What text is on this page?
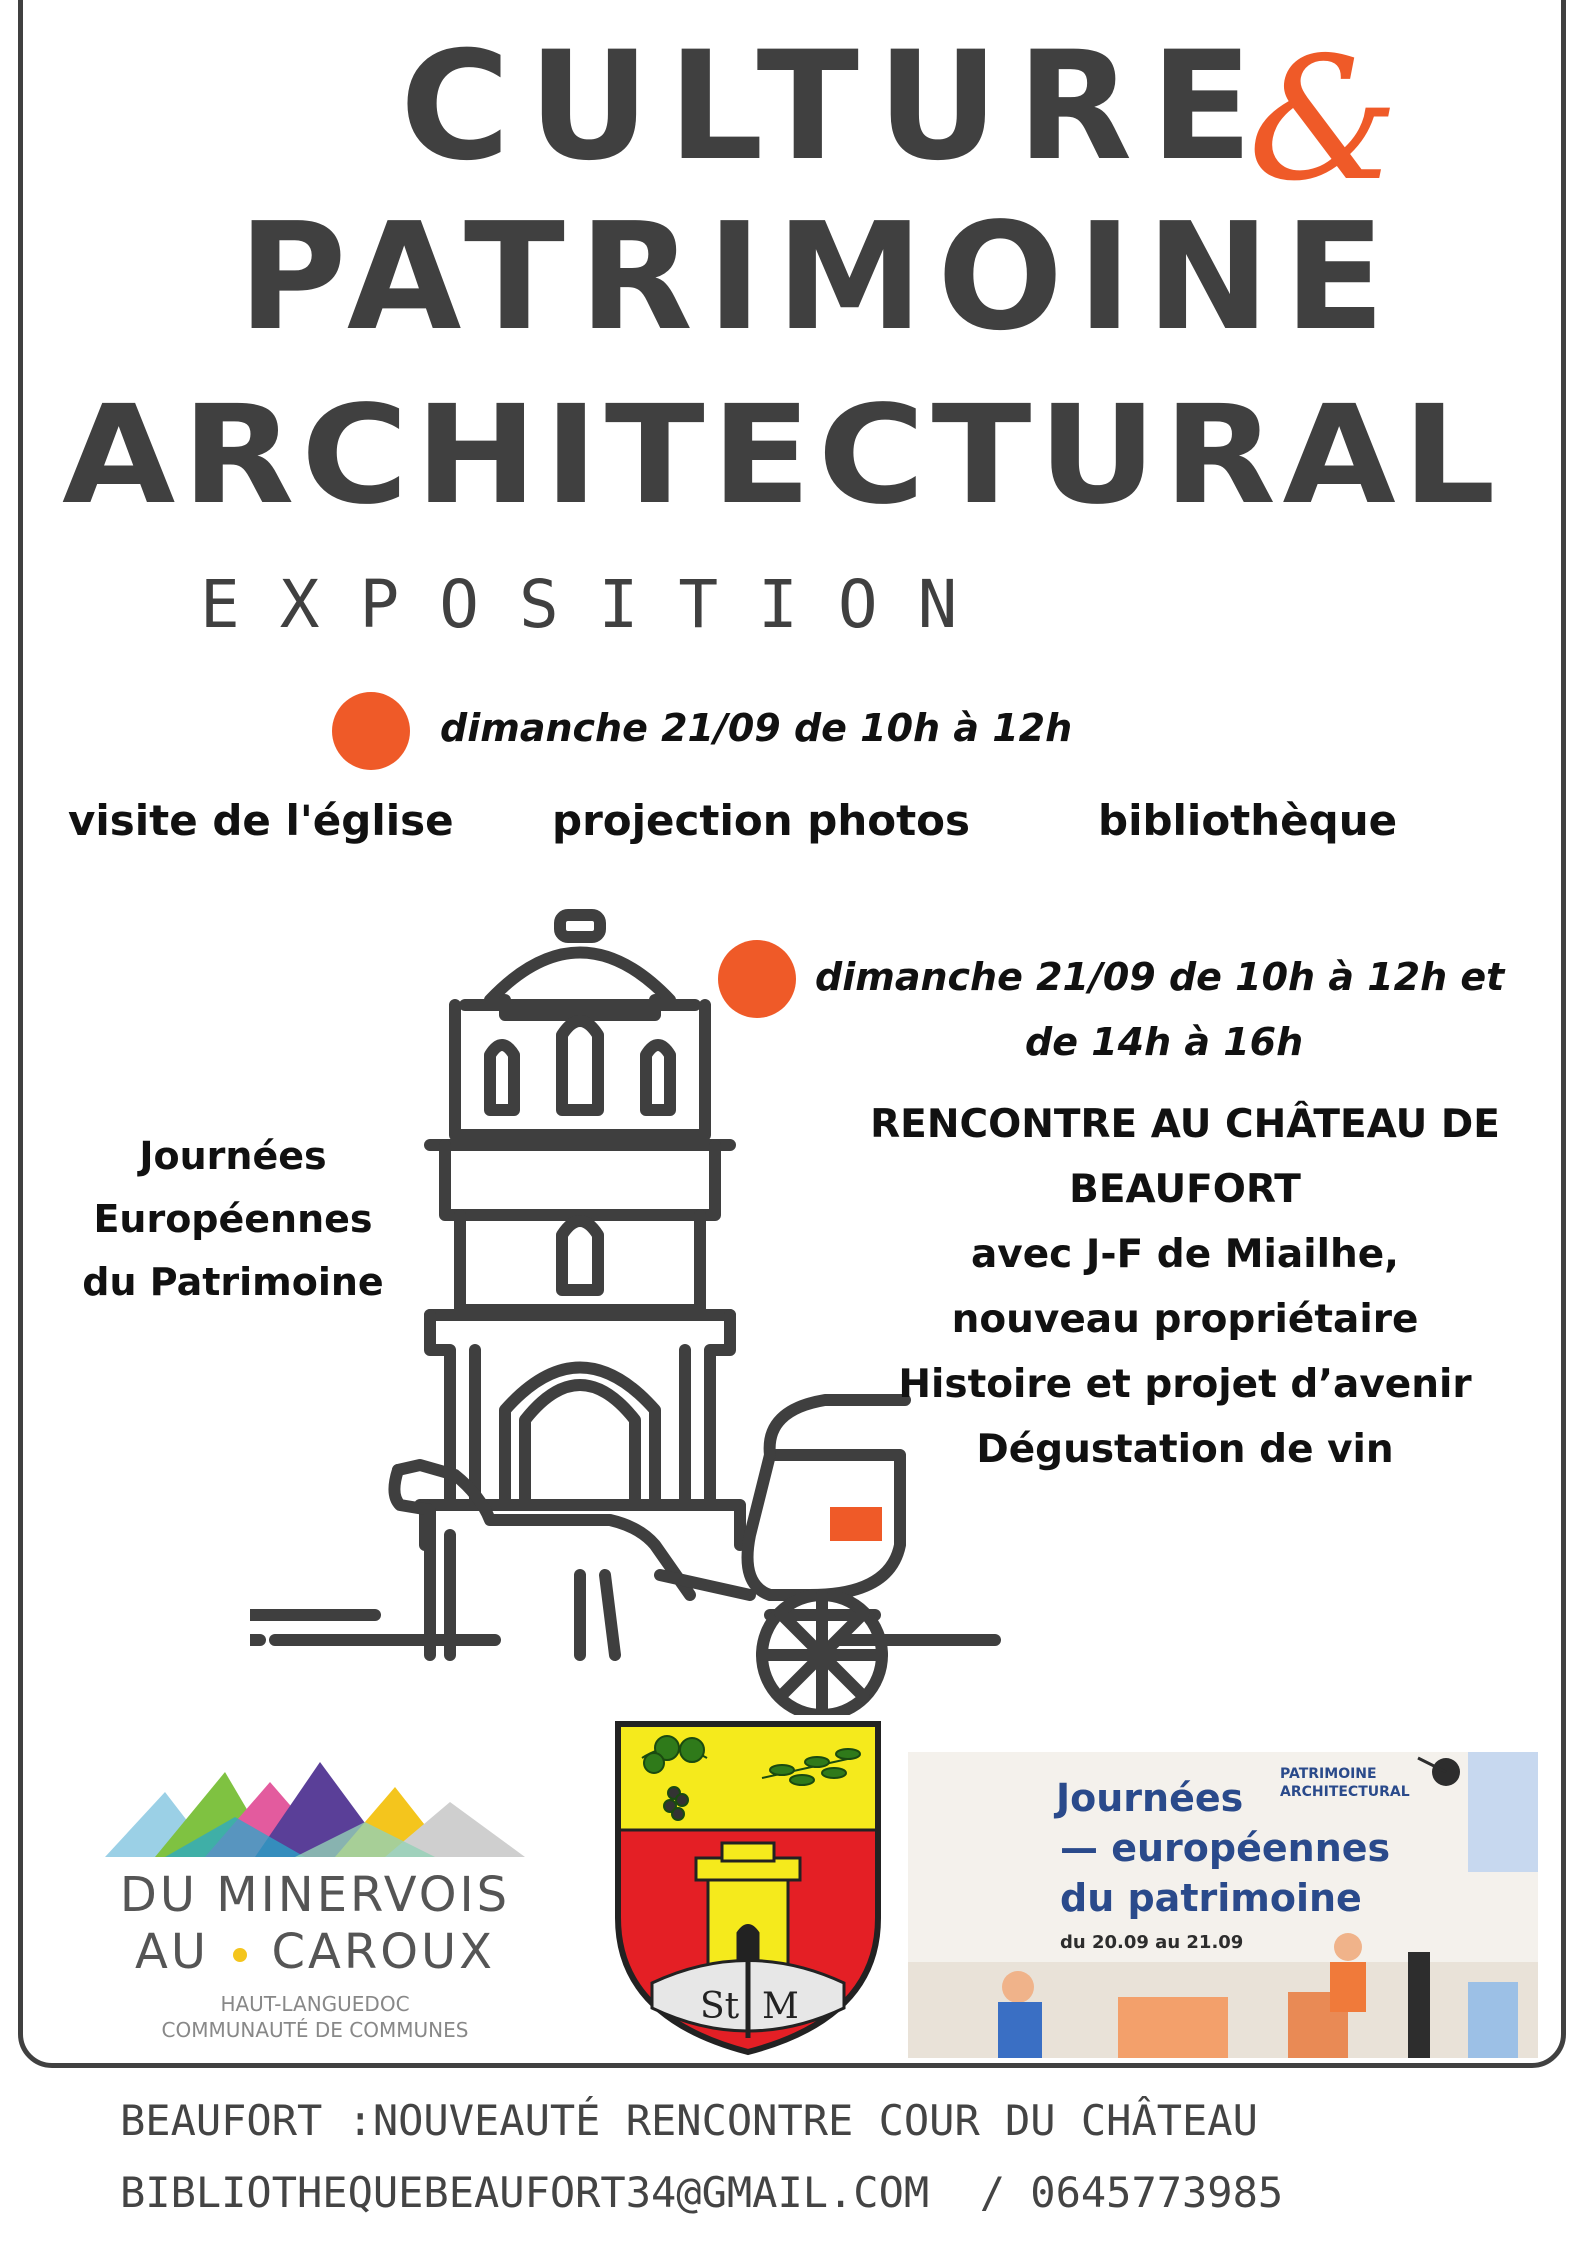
CULTURE
&
PATRIMOINE
ARCHITECTURAL
EXPOSITION
dimanche 21/09 de 10h à 12h
visite de l'église projection photos	bibliothèque
Journées
Européennes
du Patrimoine
dimanche 21/09 de 10h à 12h et
de 14h à 16h
RENCONTRE AU CHÂTEAU DE
BEAUFORT
avec J-F de Miailhe,
nouveau propriétaire
Histoire et projet d’avenir
Dégustation de vin
DU MINERVOIS
AU CAROUX
HAUT-LANGUEDOC
COMMUNAUTÉ DE COMMUNES
St M
PATRIMOINE
ARCHITECTURAL
Journées
— européennes
du patrimoine
du 20.09 au 21.09
BEAUFORT :NOUVEAUTÉ RENCONTRE COUR DU CHÂTEAU
BIBLIOTHEQUEBEAUFORT34@GMAIL.COM  / 0645773985
